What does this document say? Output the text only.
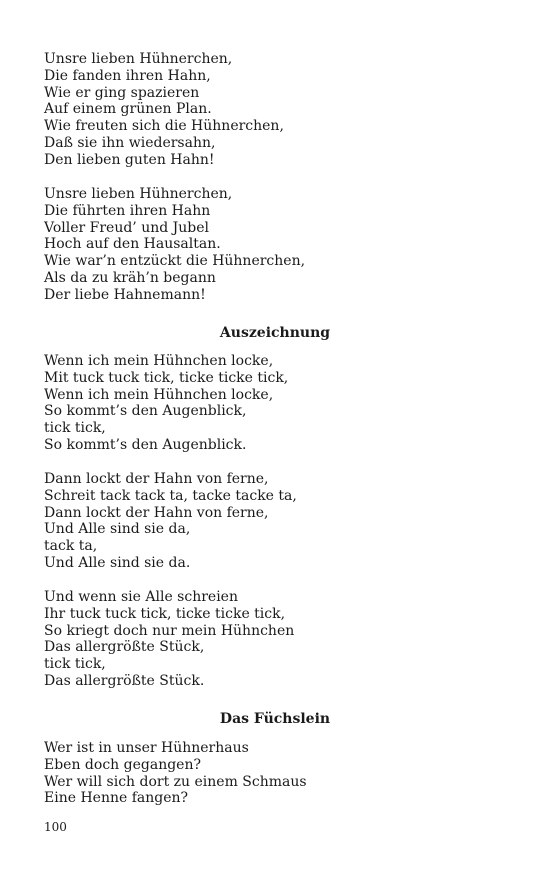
Unsre lieben Hühnerchen,
Die fanden ihren Hahn,
Wie er ging spazieren
Auf einem grünen Plan.
Wie freuten sich die Hühnerchen,
Daß sie ihn wiedersahn,
Den lieben guten Hahn!
Unsre lieben Hühnerchen,
Die führten ihren Hahn
Voller Freud’ und Jubel
Hoch auf den Hausaltan.
Wie war’n entzückt die Hühnerchen,
Als da zu kräh’n begann
Der liebe Hahnemann!
Auszeichnung
Wenn ich mein Hühnchen locke,
Mit tuck tuck tick, ticke ticke tick,
Wenn ich mein Hühnchen locke,
So kommt’s den Augenblick,
tick tick,
So kommt’s den Augenblick.
Dann lockt der Hahn von ferne,
Schreit tack tack ta, tacke tacke ta,
Dann lockt der Hahn von ferne,
Und Alle sind sie da,
tack ta,
Und Alle sind sie da.
Und wenn sie Alle schreien
Ihr tuck tuck tick, ticke ticke tick,
So kriegt doch nur mein Hühnchen
Das allergrößte Stück,
tick tick,
Das allergrößte Stück.
Das Füchslein
Wer ist in unser Hühnerhaus
Eben doch gegangen?
Wer will sich dort zu einem Schmaus
Eine Henne fangen?
100
